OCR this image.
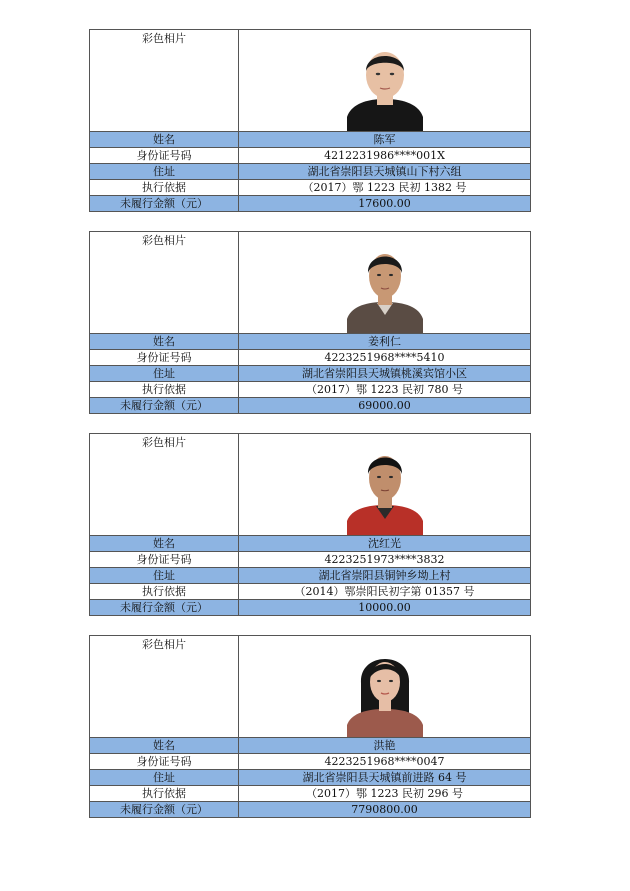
彩色相片	

姓名	陈军
身份证号码	4212231986****001X
住址	湖北省崇阳县天城镇山下村六组
执行依据	（2017）鄂 1223 民初 1382 号
未履行金额（元）	17600.00
彩色相片	

姓名	姜利仁
身份证号码	4223251968****5410
住址	湖北省崇阳县天城镇桃溪宾馆小区
执行依据	（2017）鄂 1223 民初 780 号
未履行金额（元）	69000.00
彩色相片	

姓名	沈红光
身份证号码	4223251973****3832
住址	湖北省崇阳县铜钟乡坳上村
执行依据	（2014）鄂崇阳民初字第 01357 号
未履行金额（元）	10000.00
彩色相片	

姓名	洪艳
身份证号码	4223251968****0047
住址	湖北省崇阳县天城镇前进路 64 号
执行依据	（2017）鄂 1223 民初 296 号
未履行金额（元）	7790800.00
